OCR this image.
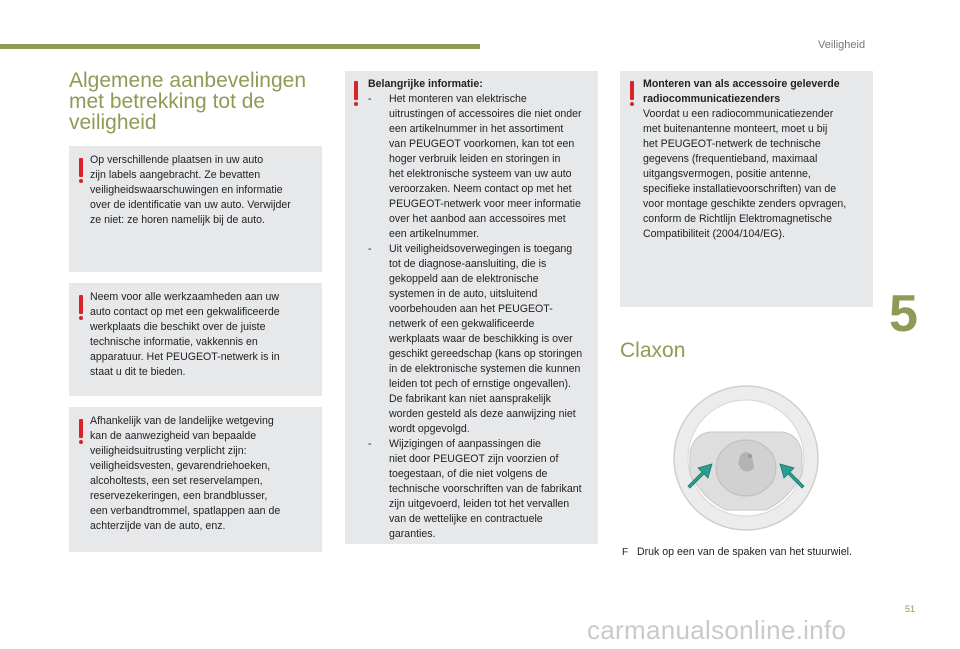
Veiligheid
5
51
Algemene aanbevelingen
met betrekking tot de
veiligheid
Op verschillende plaatsen in uw auto
zijn labels aangebracht. Ze bevatten
veiligheidswaarschuwingen en informatie
over de identificatie van uw auto. Verwijder
ze niet: ze horen namelijk bij de auto.
Neem voor alle werkzaamheden aan uw
auto contact op met een gekwalificeerde
werkplaats die beschikt over de juiste
technische informatie, vakkennis en
apparatuur. Het PEUGEOT-netwerk is in
staat u dit te bieden.
Afhankelijk van de landelijke wetgeving
kan de aanwezigheid van bepaalde
veiligheidsuitrusting verplicht zijn:
veiligheidsvesten, gevarendriehoeken,
alcoholtests, een set reservelampen,
reservezekeringen, een brandblusser,
een verbandtrommel, spatlappen aan de
achterzijde van de auto, enz.
Belangrijke informatie:
- Het monteren van elektrische
uitrustingen of accessoires die niet onder
een artikelnummer in het assortiment
van PEUGEOT voorkomen, kan tot een
hoger verbruik leiden en storingen in
het elektronische systeem van uw auto
veroorzaken. Neem contact op met het
PEUGEOT-netwerk voor meer informatie
over het aanbod aan accessoires met
een artikelnummer.
- Uit veiligheidsoverwegingen is toegang
tot de diagnose-aansluiting, die is
gekoppeld aan de elektronische
systemen in de auto, uitsluitend
voorbehouden aan het PEUGEOT-
netwerk of een gekwalificeerde
werkplaats waar de beschikking is over
geschikt gereedschap (kans op storingen
in de elektronische systemen die kunnen
leiden tot pech of ernstige ongevallen).
De fabrikant kan niet aansprakelijk
worden gesteld als deze aanwijzing niet
wordt opgevolgd.
- Wijzigingen of aanpassingen die
niet door PEUGEOT zijn voorzien of
toegestaan, of die niet volgens de
technische voorschriften van de fabrikant
zijn uitgevoerd, leiden tot het vervallen
van de wettelijke en contractuele
garanties.
Monteren van als accessoire geleverde
radiocommunicatiezenders
Voordat u een radiocommunicatiezender
met buitenantenne monteert, moet u bij
het PEUGEOT-netwerk de technische
gegevens (frequentieband, maximaal
uitgangsvermogen, positie antenne,
specifieke installatievoorschriften) van de
voor montage geschikte zenders opvragen,
conform de Richtlijn Elektromagnetische
Compatibiliteit (2004/104/EG).
Claxon
F Druk op een van de spaken van het stuurwiel.
carmanualsonline.info
